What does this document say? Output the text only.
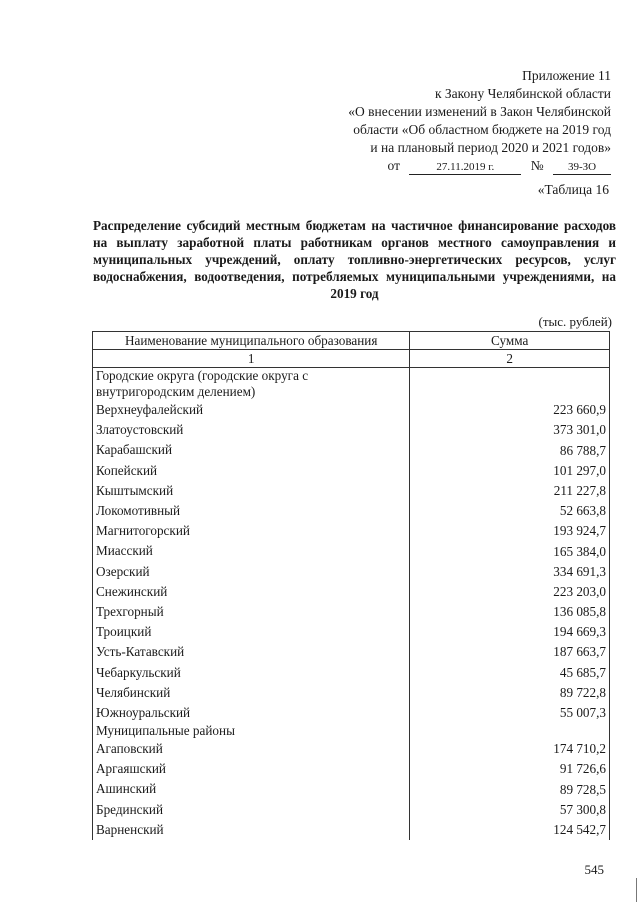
Приложение 11
к Закону Челябинской области
«О внесении изменений в Закон Челябинской
области «Об областном бюджете на 2019 год
и на плановый период 2020 и 2021 годов»
от	27.11.2019 г.	№ 39-ЗО
«Таблица 16
Распределение субсидий местным бюджетам на частичное финансирование расходов на выплату заработной платы работникам органов местного самоуправления и муниципальных учреждений, оплату топливно-энергетических ресурсов, услуг водоснабжения, водоотведения, потребляемых муниципальными учреждениями, на 2019 год
(тыс. рублей)
Наименование муниципального образования	Сумма
1	2
Городские округа (городские округа с внутригородским делением)	
Верхнеуфалейский	223 660,9
Златоустовский	373 301,0
Карабашский	86 788,7
Копейский	101 297,0
Кыштымский	211 227,8
Локомотивный	52 663,8
Магнитогорский	193 924,7
Миасский	165 384,0
Озерский	334 691,3
Снежинский	223 203,0
Трехгорный	136 085,8
Троицкий	194 669,3
Усть-Катавский	187 663,7
Чебаркульский	45 685,7
Челябинский	89 722,8
Южноуральский	55 007,3
Муниципальные районы	
Агаповский	174 710,2
Аргаяшский	91 726,6
Ашинский	89 728,5
Брединский	57 300,8
Варненский	124 542,7
545
